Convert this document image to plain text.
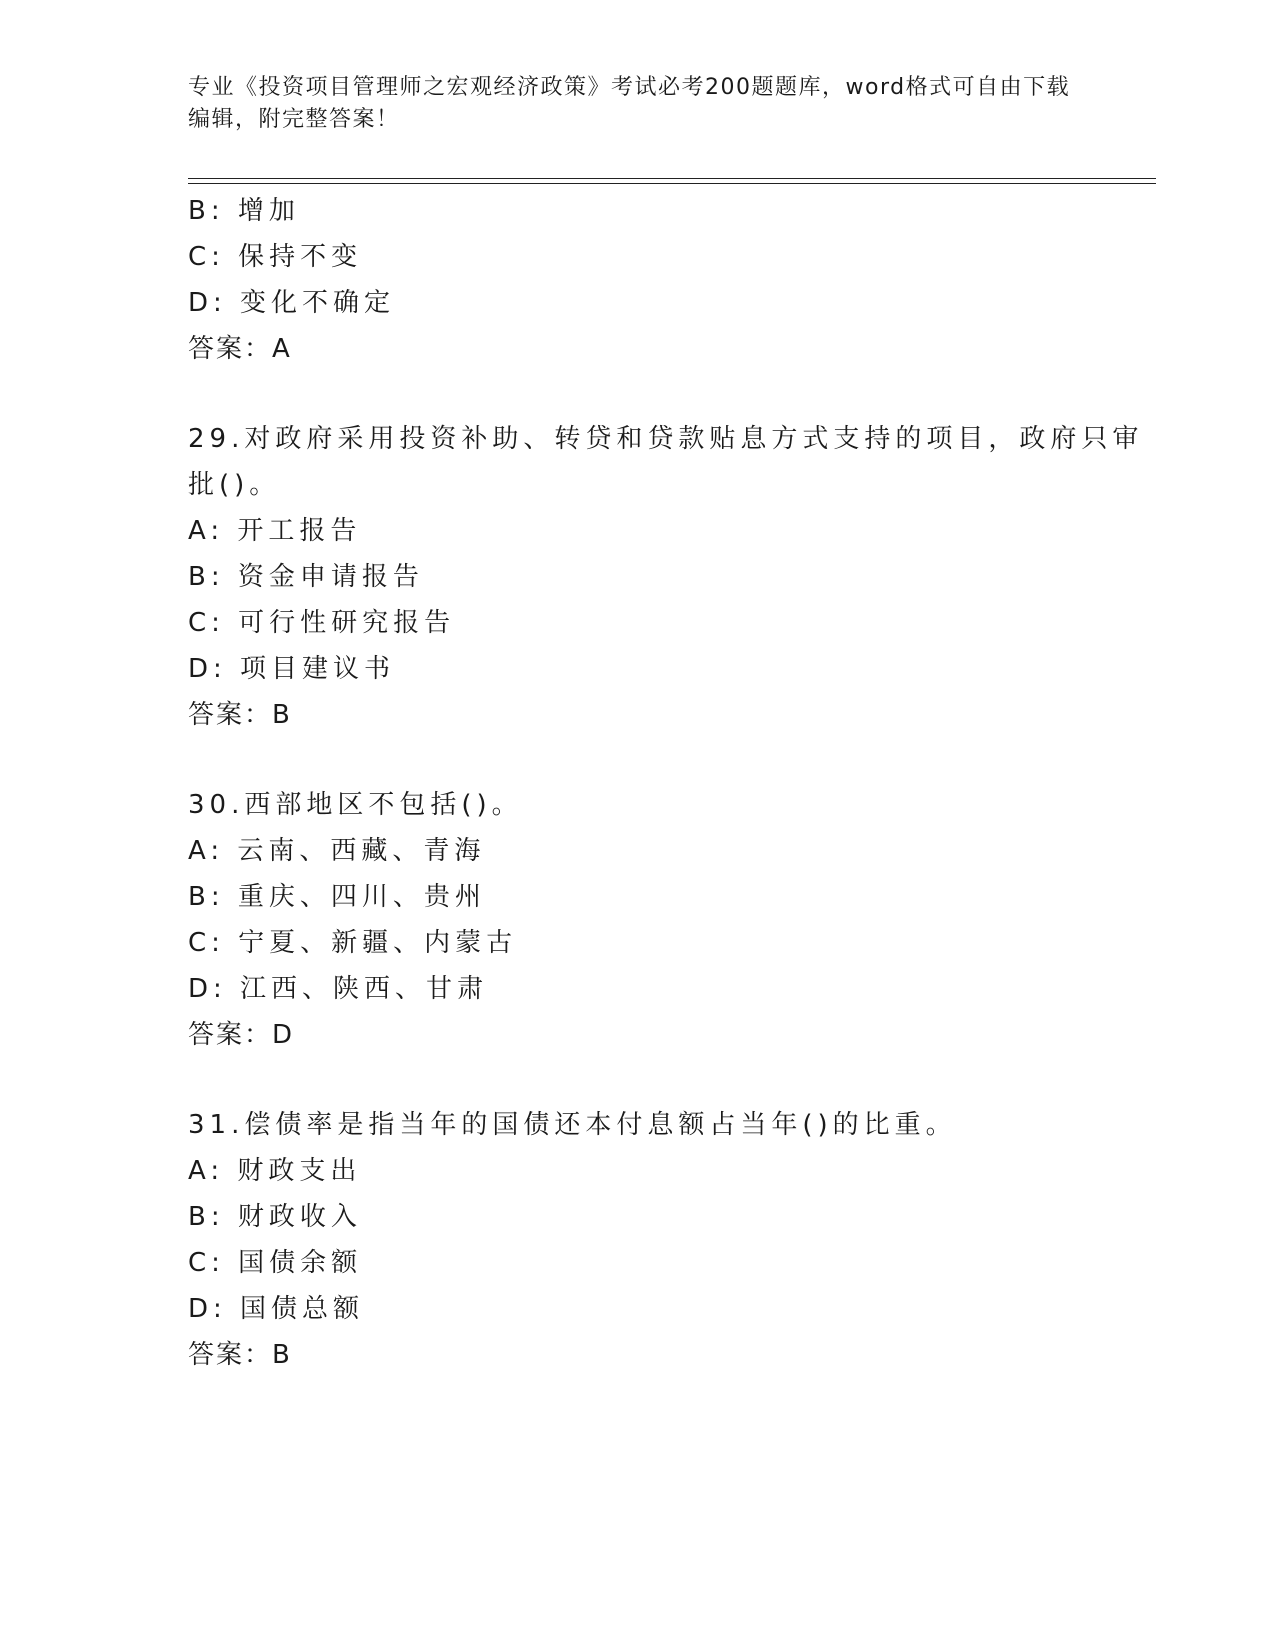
专业《投资项目管理师之宏观经济政策》考试必考200题题库，word格式可自由下载编辑，附完整答案！
B: 增加
C: 保持不变
D: 变化不确定
答案：A
29.对政府采用投资补助、转贷和贷款贴息方式支持的项目，政府只审
批()。
A: 开工报告
B: 资金申请报告
C: 可行性研究报告
D: 项目建议书
答案：B
30.西部地区不包括()。
A: 云南、西藏、青海
B: 重庆、四川、贵州
C: 宁夏、新疆、内蒙古
D: 江西、陕西、甘肃
答案：D
31.偿债率是指当年的国债还本付息额占当年()的比重。
A: 财政支出
B: 财政收入
C: 国债余额
D: 国债总额
答案：B
